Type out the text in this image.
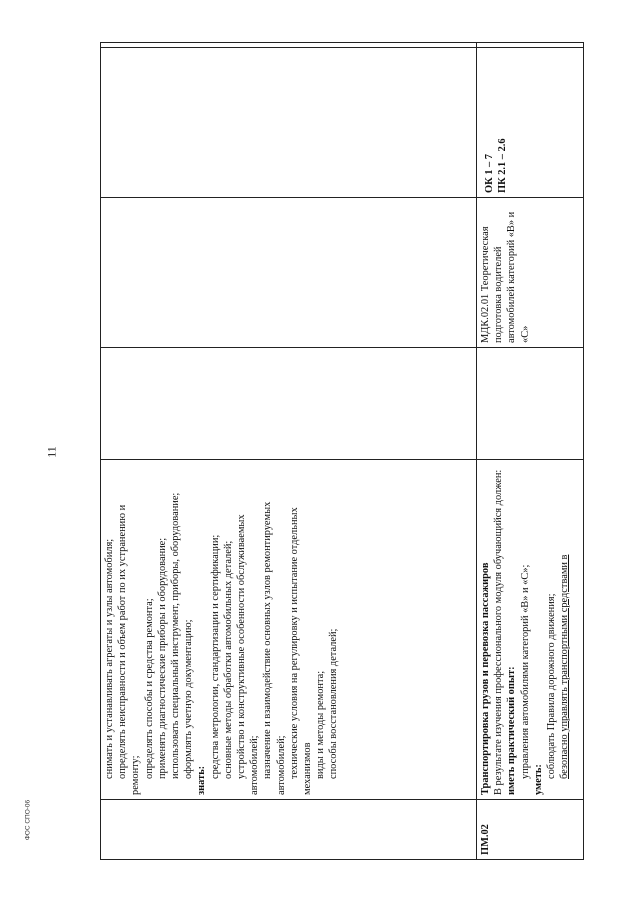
11
ФОС СПО-06

снимать и устанавливать агрегаты и узлы автомобиля; определять неисправности и объем работ по их устранению и ремонту; определять способы и средства ремонта; применять диагностические приборы и оборудование; использовать специальный инструмент, приборы, оборудование; оформлять учетную документацию;

знать:

средства метрологии, стандартизации и сертификации; основные методы обработки автомобильных деталей; устройство и конструктивные особенности обслуживаемых автомобилей; назначение и взаимодействие основных узлов ремонтируемых автомобилей; технические условия на регулировку и испытание отдельных механизмов виды и методы ремонта; способы восстановления деталей;

ПМ.02

Транспортировка грузов и перевозка пассажиров В результате изучения профессионального модуля обучающийся должен: иметь практический опыт: управления автомобилями категорий «В» и «С»;

уметь:

соблюдать Правила дорожного движения; безопасно управлять транспортными средствами в

МДК.02.01 Теоретическая подготовка водителей автомобилей категорий «В» и «С»

ОК 1 – 7 ПК 2.1 – 2.6
